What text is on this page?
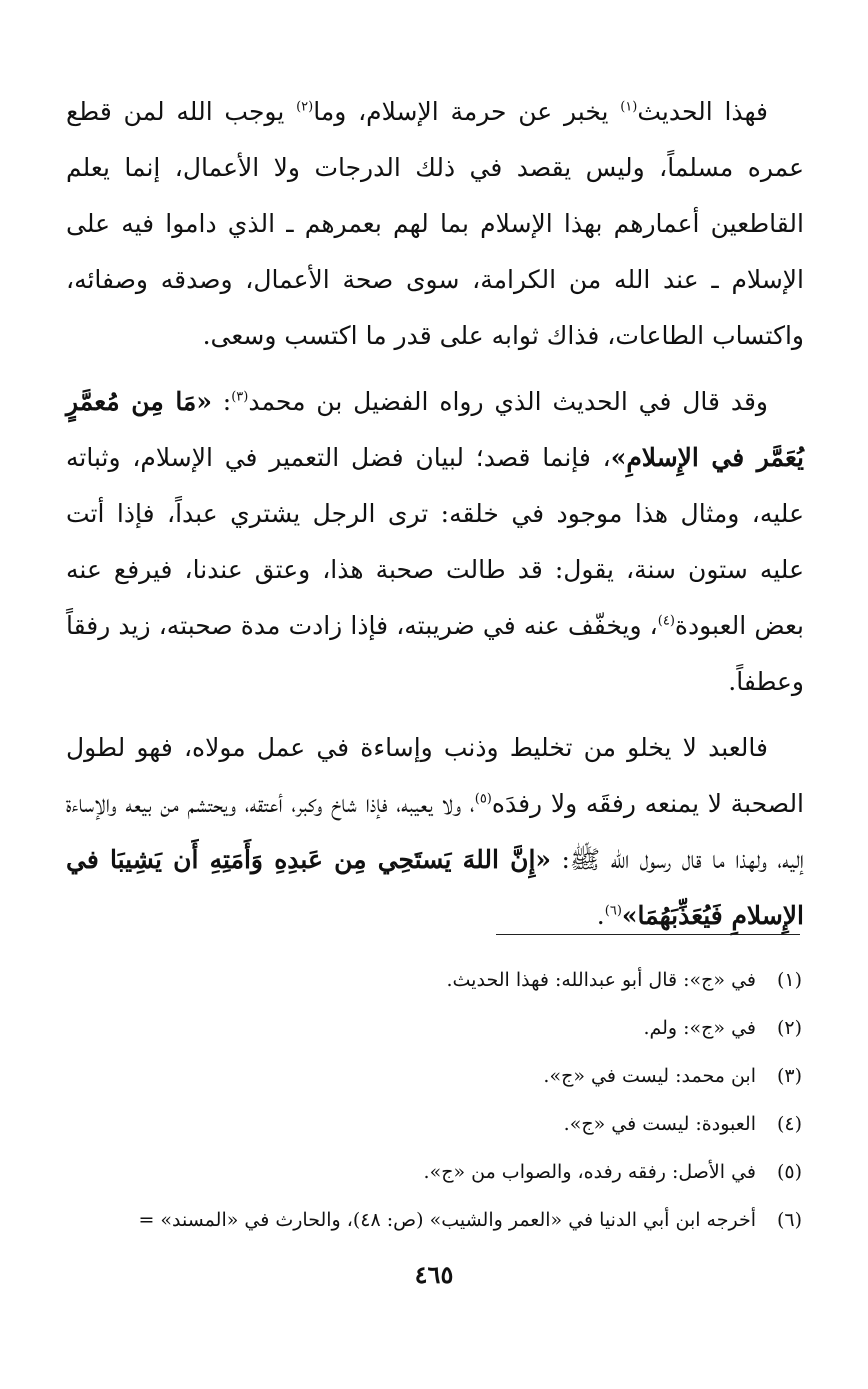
فهذا الحديث$^{(١)}$ يخبر عن حرمة الإسلام، وما$^{(٢)}$ يوجب الله لمن قطع عمره مسلماً، وليس يقصد في ذلك الدرجات ولا الأعمال، إنما يعلم القاطعين أعمارهم بهذا الإسلام بما لهم بعمرهم ـ الذي داموا فيه على الإسلام ـ عند الله من الكرامة، سوى صحة الأعمال، وصدقه وصفائه، واكتساب الطاعات، فذاك ثوابه على قدر ما اكتسب وسعى.

وقد قال في الحديث الذي رواه الفضيل بن محمد$^{(٣)}$: «مَا مِن مُعمَّرٍ يُعَمَّر في الإِسلامِ»، فإنما قصد؛ لبيان فضل التعمير في الإسلام، وثباته عليه، ومثال هذا موجود في خلقه: ترى الرجل يشتري عبداً، فإذا أتت عليه ستون سنة، يقول: قد طالت صحبة هذا، وعتق عندنا، فيرفع عنه بعض العبودة$^{(٤)}$، ويخفّف عنه في ضريبته، فإذا زادت مدة صحبته، زيد رفقاً وعطفاً.

فالعبد لا يخلو من تخليط وذنب وإساءة في عمل مولاه، فهو لطول الصحبة لا يمنعه رفقَه ولا رفدَه$^{(٥)}$، ولا يعيبه، فإذا شاخ وكبر، أعتقه، ويحتشم من بيعه والإساءة إليه، ولهذا ما قال رسول الله ﷺ: «إِنَّ اللهَ يَستَحِي مِن عَبدِهِ وَأَمَتِهِ أَن يَشِيبَا في الإِسلامِ فَيُعَذِّبَهُمَا»$^{(٦)}$.

(١)
في «ج»: قال أبو عبدالله: فهذا الحديث.
(٢)
في «ج»: ولم.
(٣)
ابن محمد: ليست في «ج».
(٤)
العبودة: ليست في «ج».
(٥)
في الأصل: رفقه رفده، والصواب من «ج».
(٦)
أخرجه ابن أبي الدنيا في «العمر والشيب» (ص: ٤٨)، والحارث في «المسند» =
٤٦٥
